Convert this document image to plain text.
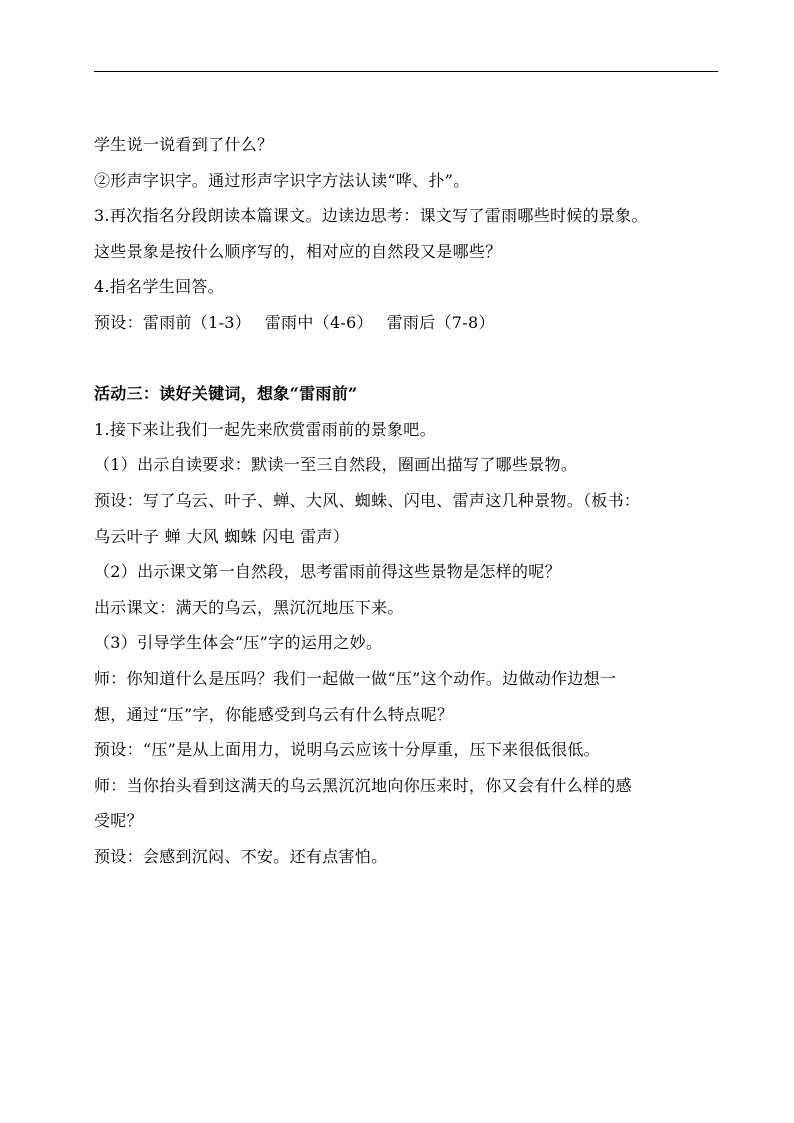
学生说一说看到了什么？
②形声字识字。通过形声字识字方法认读“哗、扑”。
3.再次指名分段朗读本篇课文。边读边思考：课文写了雷雨哪些时候的景象。
这些景象是按什么顺序写的，相对应的自然段又是哪些？
4.指名学生回答。
预设：雷雨前（1-3）　 雷雨中（4-6）　 雷雨后（7-8）
活动三：读好关键词，想象“雷雨前”
1.接下来让我们一起先来欣赏雷雨前的景象吧。
（1）出示自读要求：默读一至三自然段，圈画出描写了哪些景物。
预设：写了乌云、叶子、蝉、大风、蜘蛛、闪电、雷声这几种景物。（板书：
乌云叶子 蝉 大风 蜘蛛 闪电 雷声）
（2）出示课文第一自然段，思考雷雨前得这些景物是怎样的呢？
出示课文：满天的乌云，黑沉沉地压下来。
（3）引导学生体会“压”字的运用之妙。
师：你知道什么是压吗？我们一起做一做“压”这个动作。边做动作边想一
想，通过“压”字，你能感受到乌云有什么特点呢？
预设：“压”是从上面用力，说明乌云应该十分厚重，压下来很低很低。
师：当你抬头看到这满天的乌云黑沉沉地向你压来时，你又会有什么样的感
受呢？
预设：会感到沉闷、不安。还有点害怕。
